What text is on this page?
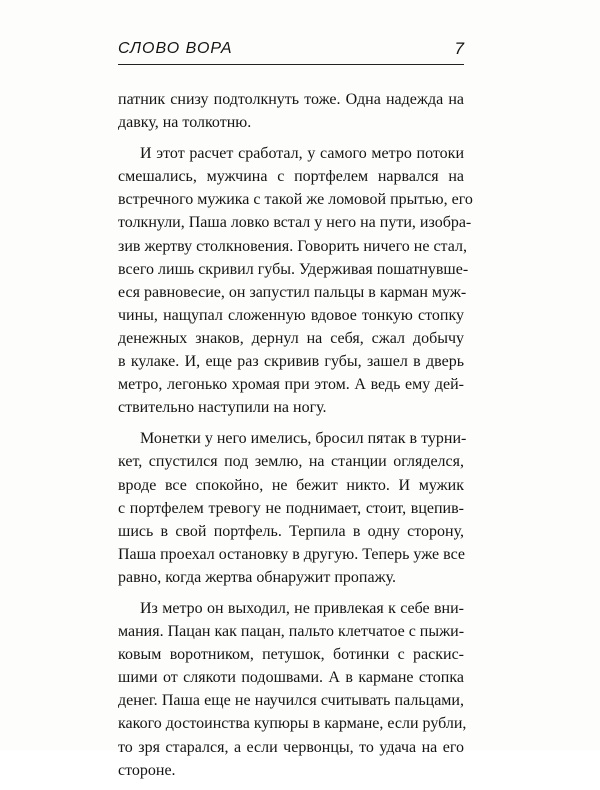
СЛОВО ВОРА	7
патник снизу подтолкнуть тоже. Одна надежда на
давку, на толкотню.
И этот расчет сработал, у самого метро потоки
смешались, мужчина с портфелем нарвался на
встречного мужика с такой же ломовой прытью, его
толкнули, Паша ловко встал у него на пути, изобра-
зив жертву столкновения. Говорить ничего не стал,
всего лишь скривил губы. Удерживая пошатнувше-
еся равновесие, он запустил пальцы в карман муж-
чины, нащупал сложенную вдовое тонкую стопку
денежных знаков, дернул на себя, сжал добычу
в кулаке. И, еще раз скривив губы, зашел в дверь
метро, легонько хромая при этом. А ведь ему дей-
ствительно наступили на ногу.
Монетки у него имелись, бросил пятак в турни-
кет, спустился под землю, на станции огляделся,
вроде все спокойно, не бежит никто. И мужик
с портфелем тревогу не поднимает, стоит, вцепив-
шись в свой портфель. Терпила в одну сторону,
Паша проехал остановку в другую. Теперь уже все
равно, когда жертва обнаружит пропажу.
Из метро он выходил, не привлекая к себе вни-
мания. Пацан как пацан, пальто клетчатое с пыжи-
ковым воротником, петушок, ботинки с раскис-
шими от слякоти подошвами. А в кармане стопка
денег. Паша еще не научился считывать пальцами,
какого достоинства купюры в кармане, если рубли,
то зря старался, а если червонцы, то удача на его
стороне.
